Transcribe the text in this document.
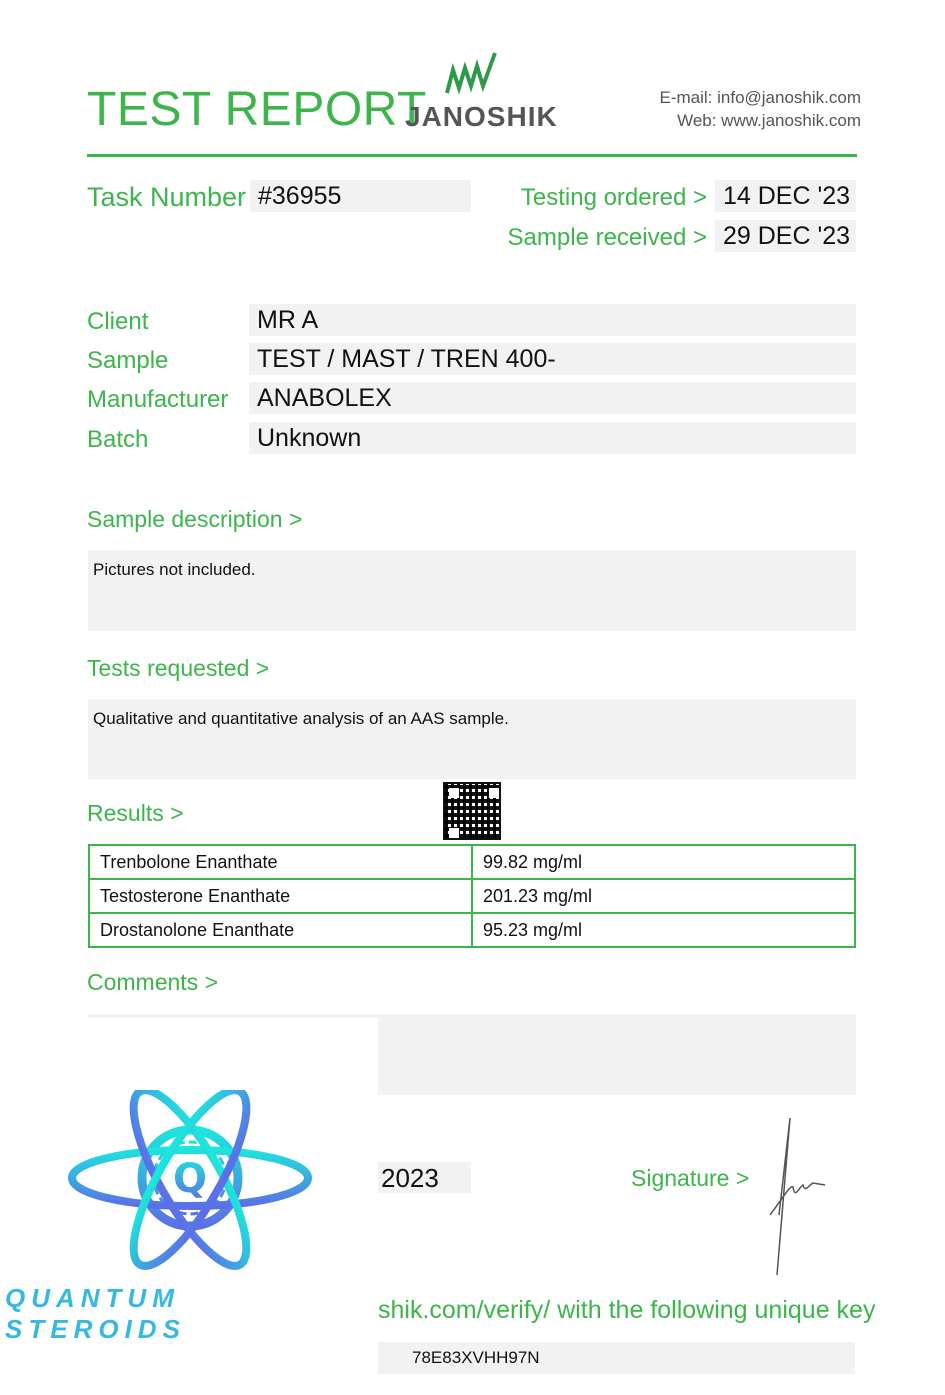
TEST REPORT
JANOSHIK
E-mail: info@janoshik.com
Web: www.janoshik.com
Task Number #36955	Testing ordered > 14 DEC '23
Sample received > 29 DEC '23
Client	MR A
Sample	TEST / MAST / TREN 400-
Manufacturer	ANABOLEX
Batch	Unknown
Sample description >
Pictures not included.
Tests requested >
Qualitative and quantitative analysis of an AAS sample.
Results >
Trenbolone Enanthate	99.82 mg/ml
Testosterone Enanthate	201.23 mg/ml
Drostanolone Enanthate	95.23 mg/ml
Comments >
Q
QUANTUM STEROIDS
2023	Signature >
shik.com/verify/ with the following unique key
78E83XVHH97N
